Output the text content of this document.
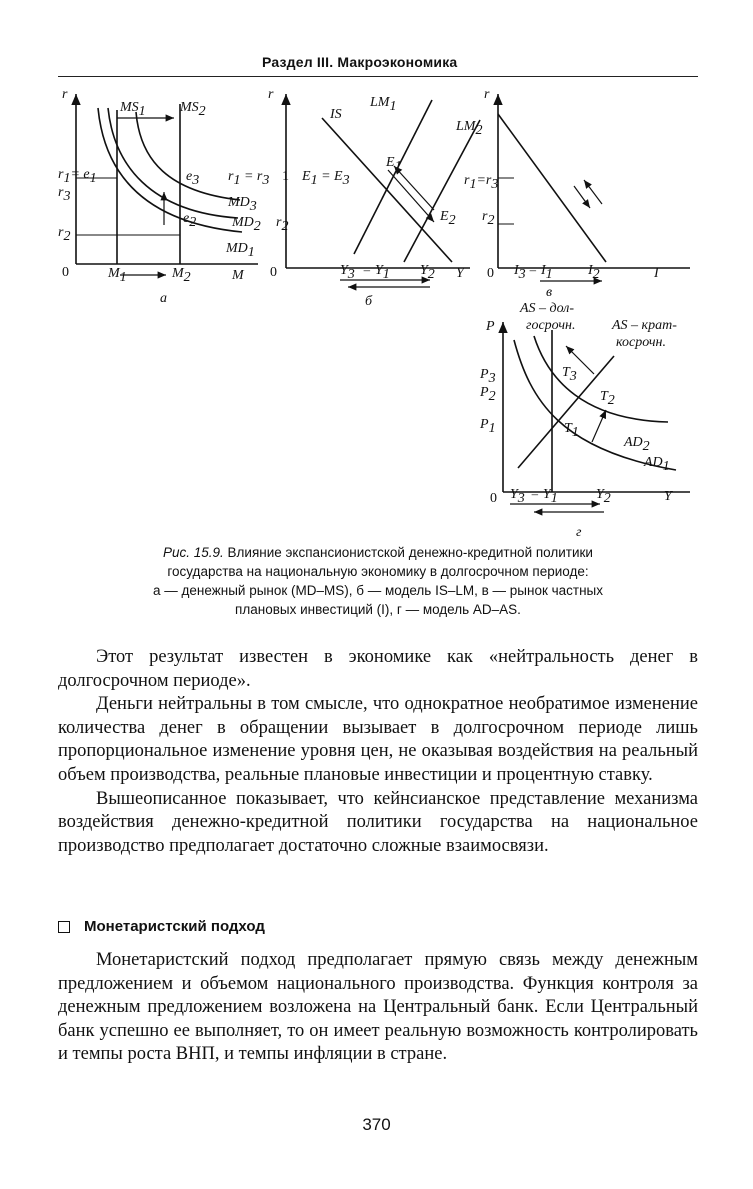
Раздел III. Макроэкономика
r
MS1 MS2
r1= e1
r3
r2
e3
e2
r1 = r3
MD3
MD2
MD1
0	M1	M2	M
а
r
IS
LM1
1 E1 = E3
E1
E2
r2
0	Y3 = Y1 Y2 Y
б
r
LM2
r1=r3
r2
0 I3 = I1	I2	I
в
AS – дол-
госрочн.	AS – крат-
косрочн.
P
P3
P2
P1
T3
T2
T1
AD2
AD1
0 Y3 = Y1	Y2	Y
г
Рис. 15.9. Влияние экспансионистской денежно-кредитной политики
государства на национальную экономику в долгосрочном периоде:
а — денежный рынок (MD–MS), б — модель IS–LM, в — рынок частных
плановых инвестиций (I), г — модель AD–AS.

Этот результат известен в экономике как «нейтральность денег в долгосрочном периоде».

Деньги нейтральны в том смысле, что однократное необратимое изменение количества денег в обращении вызывает в долгосрочном периоде лишь пропорциональное изменение уровня цен, не оказывая воздействия на реальный объем производства, реальные плановые инвестиции и процентную ставку.

Вышеописанное показывает, что кейнсианское представление механизма воздействия денежно-кредитной политики государства на национальное производство предполагает достаточно сложные взаимосвязи.

Монетаристский подход

Монетаристский подход предполагает прямую связь между денежным предложением и объемом национального производства. Функция контроля за денежным предложением возложена на Центральный банк. Если Центральный банк успешно ее выполняет, то он имеет реальную возможность контролировать и темпы роста ВНП, и темпы инфляции в стране.

370
